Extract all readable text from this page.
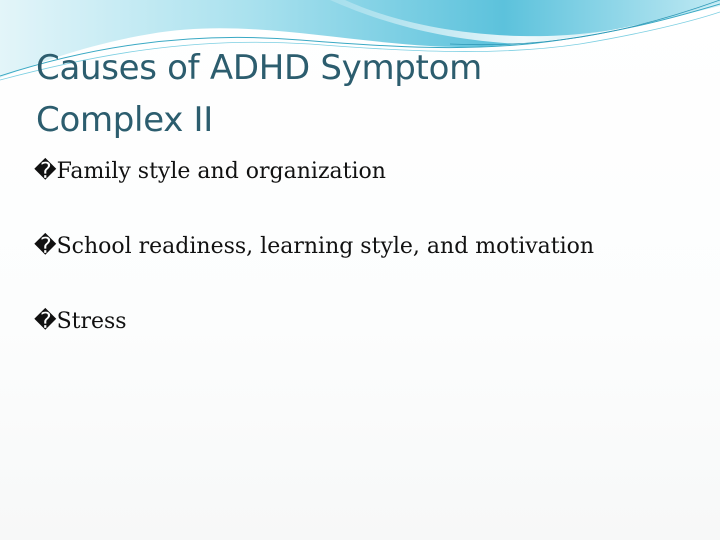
Causes of ADHD Symptom Complex II
� Family style and organization
� School readiness, learning style, and motivation
� Stress
